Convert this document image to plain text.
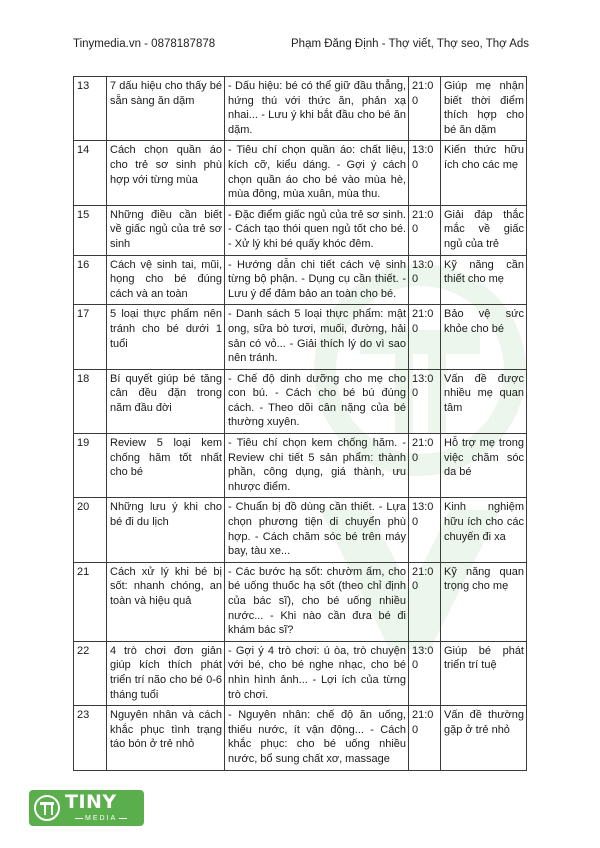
Tinymedia.vn - 0878187878	Phạm Đăng Định - Thợ viết, Thợ seo, Thợ Ads
13	7 dấu hiệu cho thấy bé sẵn sàng ăn dặm	- Dấu hiệu: bé có thể giữ đầu thẳng, hứng thú với thức ăn, phản xạ nhai... - Lưu ý khi bắt đầu cho bé ăn dặm.	21:00	Giúp mẹ nhận biết thời điểm thích hợp cho bé ăn dặm
14	Cách chọn quần áo cho trẻ sơ sinh phù hợp với từng mùa	- Tiêu chí chọn quần áo: chất liệu, kích cỡ, kiểu dáng. - Gợi ý cách chọn quần áo cho bé vào mùa hè, mùa đông, mùa xuân, mùa thu.	13:00	Kiến thức hữu ích cho các mẹ
15	Những điều cần biết về giấc ngủ của trẻ sơ sinh	- Đặc điểm giấc ngủ của trẻ sơ sinh. - Cách tạo thói quen ngủ tốt cho bé. - Xử lý khi bé quấy khóc đêm.	21:00	Giải đáp thắc mắc về giấc ngủ của trẻ
16	Cách vệ sinh tai, mũi, họng cho bé đúng cách và an toàn	- Hướng dẫn chi tiết cách vệ sinh từng bộ phận. - Dụng cụ cần thiết. - Lưu ý để đảm bảo an toàn cho bé.	13:00	Kỹ năng cần thiết cho mẹ
17	5 loại thực phẩm nên tránh cho bé dưới 1 tuổi	- Danh sách 5 loại thực phẩm: mật ong, sữa bò tươi, muối, đường, hải sản có vỏ... - Giải thích lý do vì sao nên tránh.	21:00	Bảo vệ sức khỏe cho bé
18	Bí quyết giúp bé tăng cân đều đặn trong năm đầu đời	- Chế độ dinh dưỡng cho mẹ cho con bú. - Cách cho bé bú đúng cách. - Theo dõi cân nặng của bé thường xuyên.	13:00	Vấn đề được nhiều mẹ quan tâm
19	Review 5 loại kem chống hăm tốt nhất cho bé	- Tiêu chí chọn kem chống hăm. - Review chi tiết 5 sản phẩm: thành phần, công dụng, giá thành, ưu nhược điểm.	21:00	Hỗ trợ mẹ trong việc chăm sóc da bé
20	Những lưu ý khi cho bé đi du lịch	- Chuẩn bị đồ dùng cần thiết. - Lựa chọn phương tiện di chuyển phù hợp. - Cách chăm sóc bé trên máy bay, tàu xe...	13:00	Kinh nghiệm hữu ích cho các chuyến đi xa
21	Cách xử lý khi bé bị sốt: nhanh chóng, an toàn và hiệu quả	- Các bước hạ sốt: chườm ấm, cho bé uống thuốc hạ sốt (theo chỉ định của bác sĩ), cho bé uống nhiều nước... - Khi nào cần đưa bé đi khám bác sĩ?	21:00	Kỹ năng quan trọng cho mẹ
22	4 trò chơi đơn giản giúp kích thích phát triển trí não cho bé 0-6 tháng tuổi	- Gợi ý 4 trò chơi: ú òa, trò chuyện với bé, cho bé nghe nhạc, cho bé nhìn hình ảnh... - Lợi ích của từng trò chơi.	13:00	Giúp bé phát triển trí tuệ
23	Nguyên nhân và cách khắc phục tình trạng táo bón ở trẻ nhỏ	- Nguyên nhân: chế độ ăn uống, thiếu nước, ít vận động... - Cách khắc phục: cho bé uống nhiều nước, bổ sung chất xơ, massage	21:00	Vấn đề thường gặp ở trẻ nhỏ
TINY
MEDIA
